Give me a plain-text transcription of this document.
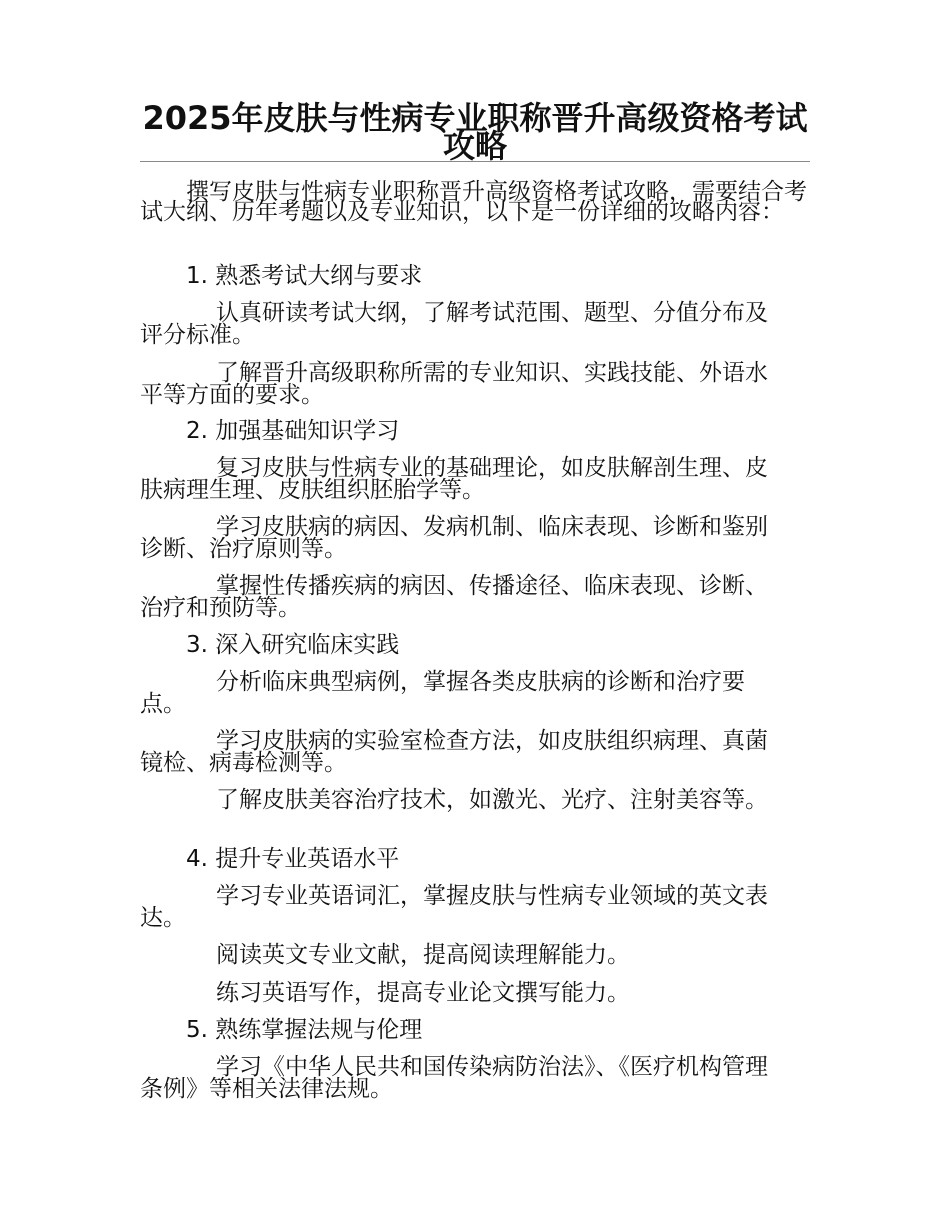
2025年皮肤与性病专业职称晋升高级资格考试攻略

撰写皮肤与性病专业职称晋升高级资格考试攻略，需要结合考试大纲、历年考题以及专业知识，以下是一份详细的攻略内容：

1. 熟悉考试大纲与要求

认真研读考试大纲，了解考试范围、题型、分值分布及评分标准。

了解晋升高级职称所需的专业知识、实践技能、外语水平等方面的要求。

2. 加强基础知识学习

复习皮肤与性病专业的基础理论，如皮肤解剖生理、皮肤病理生理、皮肤组织胚胎学等。

学习皮肤病的病因、发病机制、临床表现、诊断和鉴别诊断、治疗原则等。

掌握性传播疾病的病因、传播途径、临床表现、诊断、治疗和预防等。

3. 深入研究临床实践

分析临床典型病例，掌握各类皮肤病的诊断和治疗要点。

学习皮肤病的实验室检查方法，如皮肤组织病理、真菌镜检、病毒检测等。

了解皮肤美容治疗技术，如激光、光疗、注射美容等。

4. 提升专业英语水平

学习专业英语词汇，掌握皮肤与性病专业领域的英文表达。

阅读英文专业文献，提高阅读理解能力。

练习英语写作，提高专业论文撰写能力。

5. 熟练掌握法规与伦理

学习《中华人民共和国传染病防治法》、《医疗机构管理条例》等相关法律法规。
